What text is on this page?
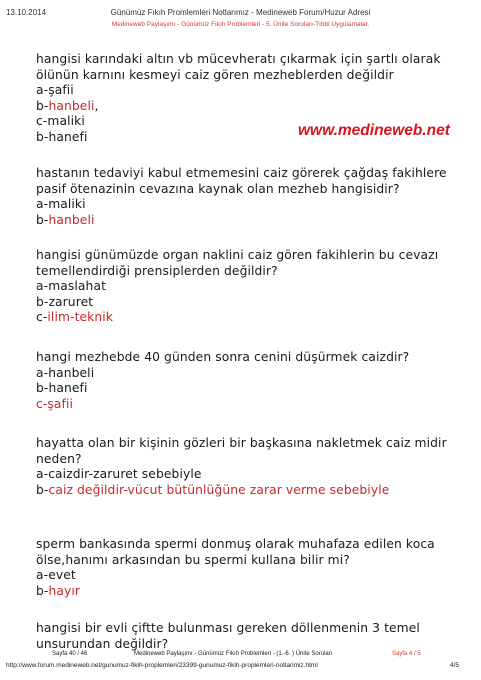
13.10.2014	Günümüz Fıkıh Promlemleri Notlarımız - Medineweb Forum/Huzur Adresi
Medineweb Paylaşımı - Günümüz Fıkıh Problemleri - 5. Ünite Soruları-Tıbbi Uygulamalar.

hangisi karındaki altın vb mücevheratı çıkarmak için şartlı olarak ölünün karnını kesmeyi caiz gören mezheblerden değildir

a-şafii

b-hanbeli,

c-maliki

b-hanefi	www.medineweb.net

hastanın tedaviyi kabul etmemesini caiz görerek çağdaş fakihlere pasif ötenazinin cevazına kaynak olan mezheb hangisidir?

a-maliki

b-hanbeli

hangisi günümüzde organ naklini caiz gören fakihlerin bu cevazı temellendirdiği prensiplerden değildir?

a-maslahat

b-zaruret

c-ilim-teknik

hangi mezhebde 40 günden sonra cenini düşürmek caizdir?

a-hanbeli

b-hanefi

c-şafii

hayatta olan bir kişinin gözleri bir başkasına nakletmek caiz midir neden?

a-caizdir-zaruret sebebiyle

b-caiz değildir-vücut bütünlüğüne zarar verme sebebiyle

sperm bankasında spermi donmuş olarak muhafaza edilen koca ölse,hanımı arkasından bu spermi kullana bilir mi?

a-evet

b-hayır

hangisi bir evli çiftte bulunması gereken döllenmenin 3 temel unsurundan değildir?

Sayfa 40 / 46	Medineweb Paylaşımı - Günümüz Fıkıh Problemleri - (1.-6. ) Ünite Soruları	Sayfa 4 / 5
http://www.forum.medineweb.net/gunumuz-fikih-proplemleri/23399-gunumuz-fikih-proplemleri-notlarimiz.html	4/5
